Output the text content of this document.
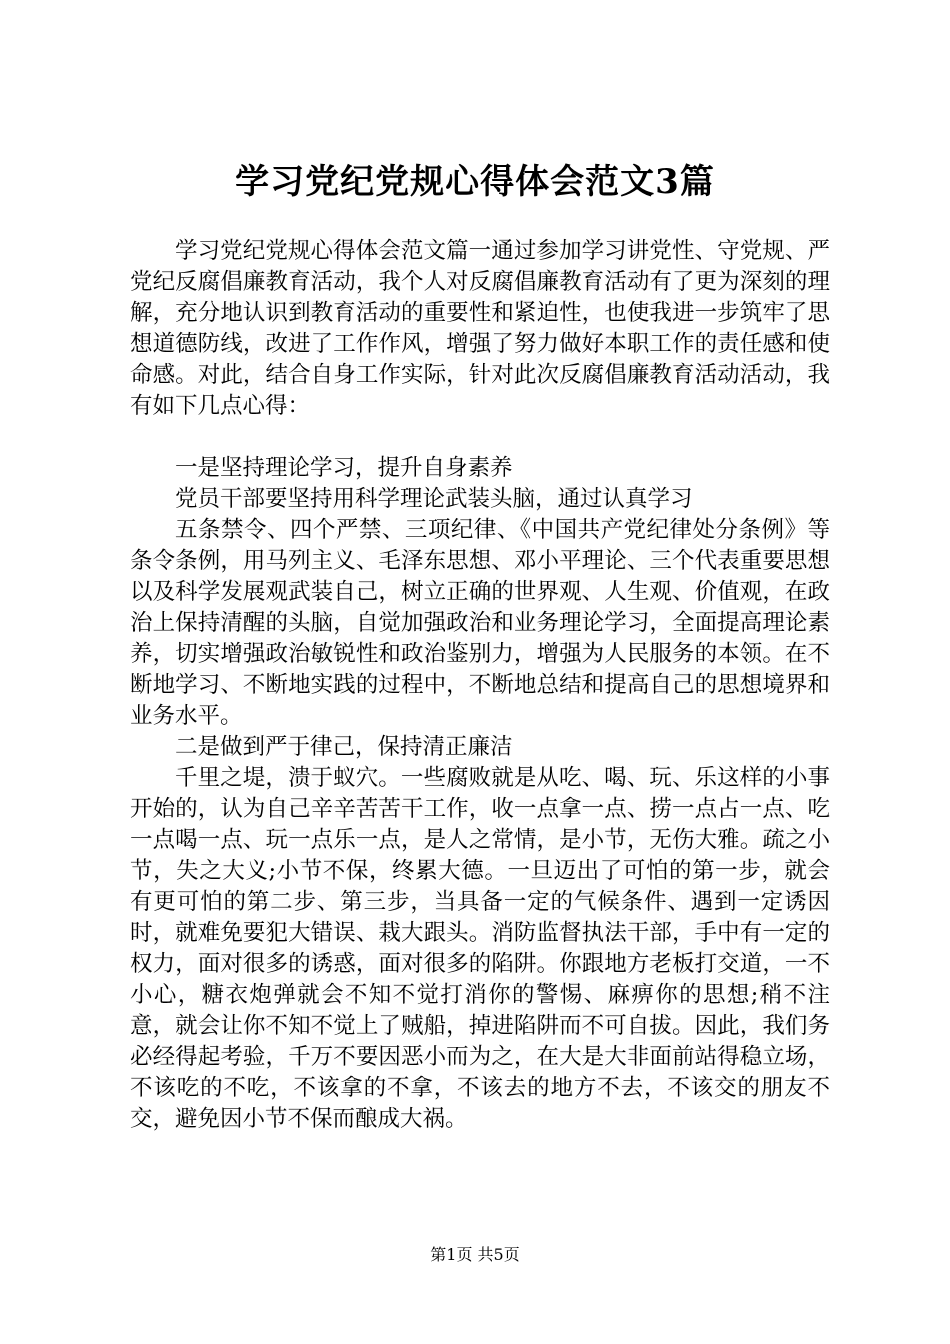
学习党纪党规心得体会范文3篇

学习党纪党规心得体会范文篇一通过参加学习讲党性、守党规、严党纪反腐倡廉教育活动，我个人对反腐倡廉教育活动有了更为深刻的理解，充分地认识到教育活动的重要性和紧迫性，也使我进一步筑牢了思想道德防线，改进了工作作风，增强了努力做好本职工作的责任感和使命感。对此，结合自身工作实际，针对此次反腐倡廉教育活动活动，我有如下几点心得：

一是坚持理论学习，提升自身素养

党员干部要坚持用科学理论武装头脑，通过认真学习

五条禁令、四个严禁、三项纪律、《中国共产党纪律处分条例》等条令条例，用马列主义、毛泽东思想、邓小平理论、三个代表重要思想以及科学发展观武装自己，树立正确的世界观、人生观、价值观，在政治上保持清醒的头脑，自觉加强政治和业务理论学习，全面提高理论素养，切实增强政治敏锐性和政治鉴别力，增强为人民服务的本领。在不断地学习、不断地实践的过程中，不断地总结和提高自己的思想境界和业务水平。

二是做到严于律己，保持清正廉洁

千里之堤，溃于蚁穴。一些腐败就是从吃、喝、玩、乐这样的小事开始的，认为自己辛辛苦苦干工作，收一点拿一点、捞一点占一点、吃一点喝一点、玩一点乐一点，是人之常情，是小节，无伤大雅。疏之小节，失之大义;小节不保，终累大德。一旦迈出了可怕的第一步，就会有更可怕的第二步、第三步，当具备一定的气候条件、遇到一定诱因时，就难免要犯大错误、栽大跟头。消防监督执法干部，手中有一定的权力，面对很多的诱惑，面对很多的陷阱。你跟地方老板打交道，一不小心，糖衣炮弹就会不知不觉打消你的警惕、麻痹你的思想;稍不注意，就会让你不知不觉上了贼船，掉进陷阱而不可自拔。因此，我们务必经得起考验，千万不要因恶小而为之，在大是大非面前站得稳立场，不该吃的不吃，不该拿的不拿，不该去的地方不去，不该交的朋友不交，避免因小节不保而酿成大祸。

第1页 共5页
